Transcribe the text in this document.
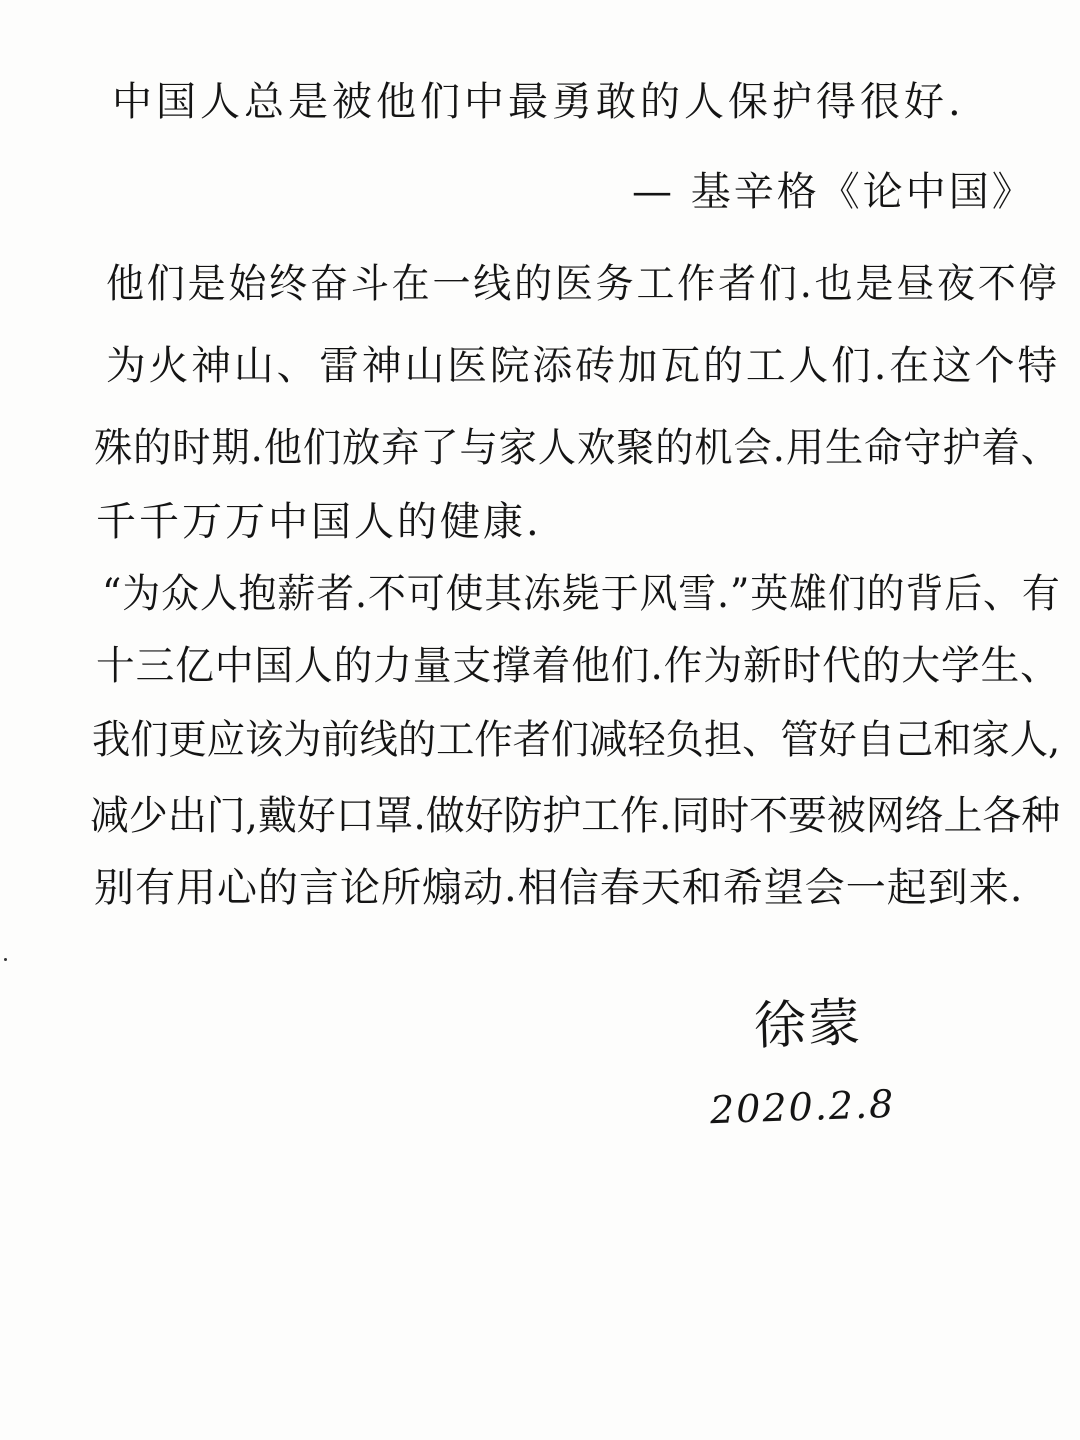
中国人总是被他们中最勇敢的人保护得很好.
— 基辛格《论中国》
他们是始终奋斗在一线的医务工作者们.也是昼夜不停
为火神山、雷神山医院添砖加瓦的工人们.在这个特
殊的时期.他们放弃了与家人欢聚的机会.用生命守护着、
千千万万中国人的健康.
“为众人抱薪者.不可使其冻毙于风雪.”英雄们的背后、有
十三亿中国人的力量支撑着他们.作为新时代的大学生、
我们更应该为前线的工作者们减轻负担、管好自己和家人,
减少出门,戴好口罩.做好防护工作.同时不要被网络上各种
别有用心的言论所煽动.相信春天和希望会一起到来.
徐蒙
2020.2.8
